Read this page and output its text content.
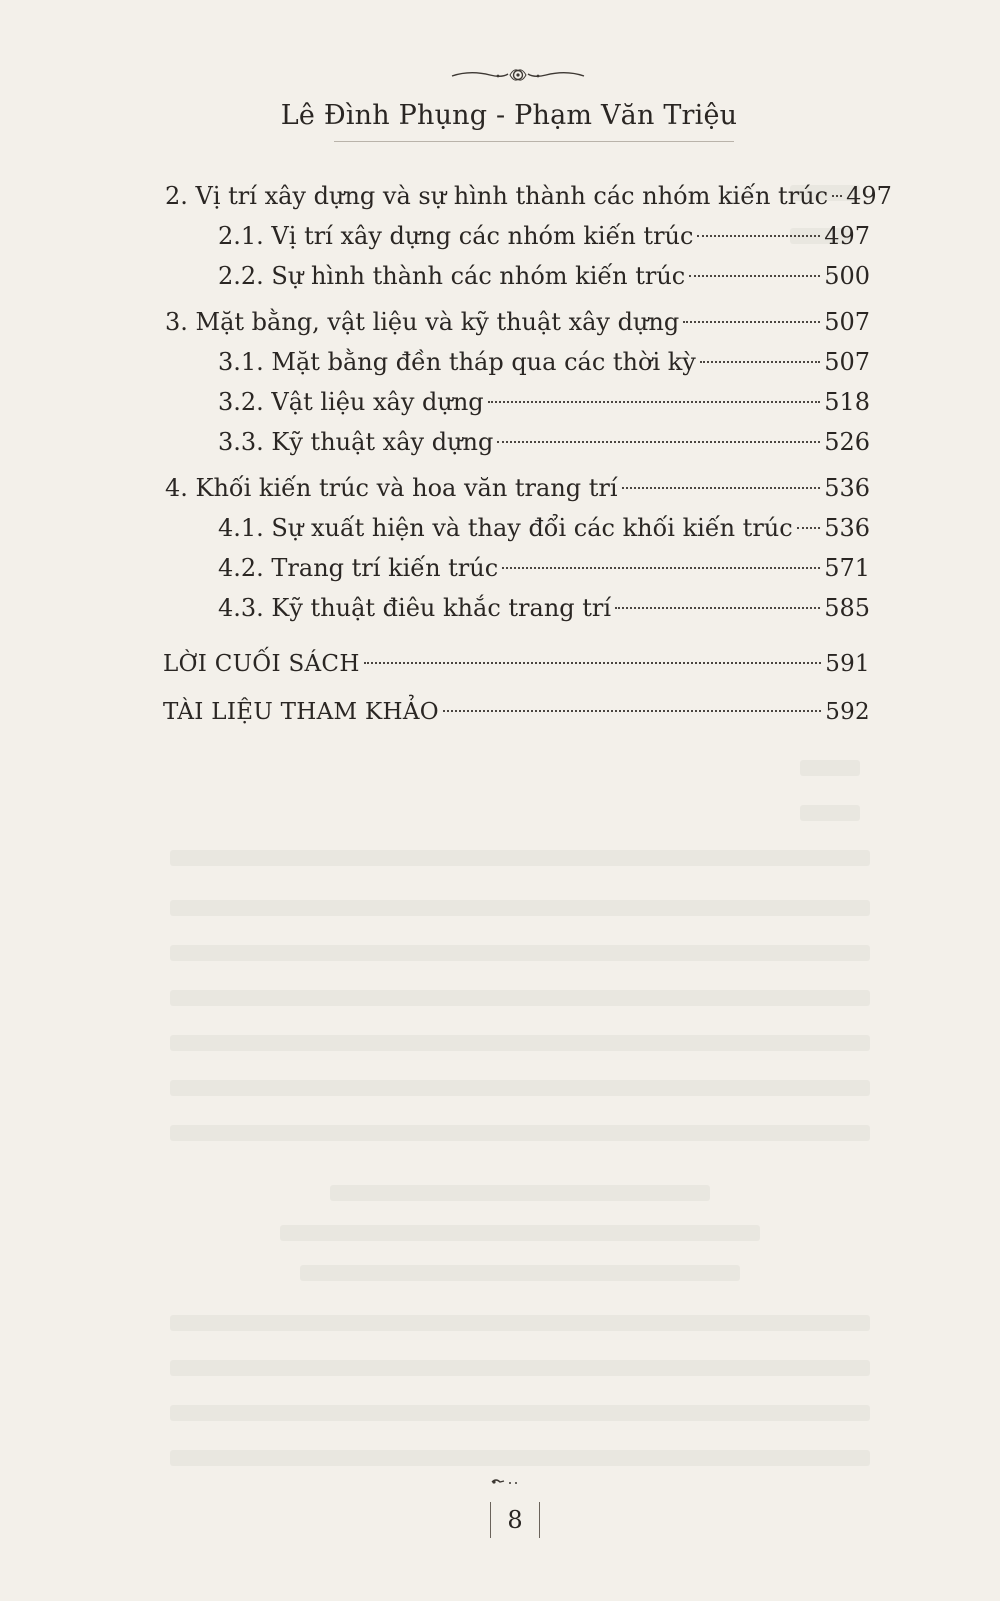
Lê Đình Phụng - Phạm Văn Triệu
2. Vị trí xây dựng và sự hình thành các nhóm kiến trúc 497
2.1. Vị trí xây dựng các nhóm kiến trúc	497
2.2. Sự hình thành các nhóm kiến trúc	500
3. Mặt bằng, vật liệu và kỹ thuật xây dựng	507
3.1. Mặt bằng đền tháp qua các thời kỳ	507
3.2. Vật liệu xây dựng	518
3.3. Kỹ thuật xây dựng	526
4. Khối kiến trúc và hoa văn trang trí	536
4.1. Sự xuất hiện và thay đổi các khối kiến trúc 536
4.2. Trang trí kiến trúc	571
4.3. Kỹ thuật điêu khắc trang trí	585
LỜI CUỐI SÁCH	591
TÀI LIỆU THAM KHẢO	592
8
